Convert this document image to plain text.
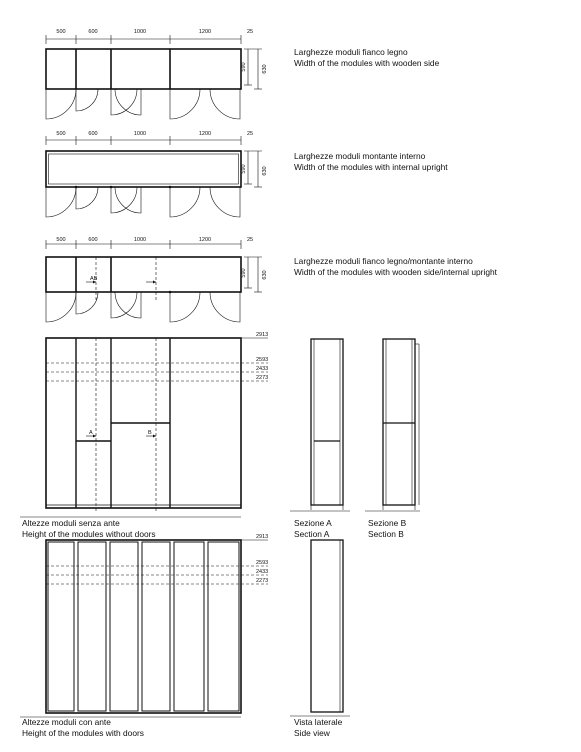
500	600	1000	1200	25
590	630
500	600	1000	1200	25
590	630
500	600	1000	1200	25
AB
590	630
2913
2593
2433
2273
A	B
2913
2593
2433
2273
Larghezze moduli fianco legno
Width of the modules with wooden side
Larghezze moduli montante interno
Width of the modules with internal upright
Larghezze moduli fianco legno/montante interno
Width of the modules with wooden side/internal upright
Altezze moduli senza ante
Height of the modules without doors
Sezione A
Section A
Sezione B
Section B
Altezze moduli con ante
Height of the modules with doors
Vista laterale
Side view
